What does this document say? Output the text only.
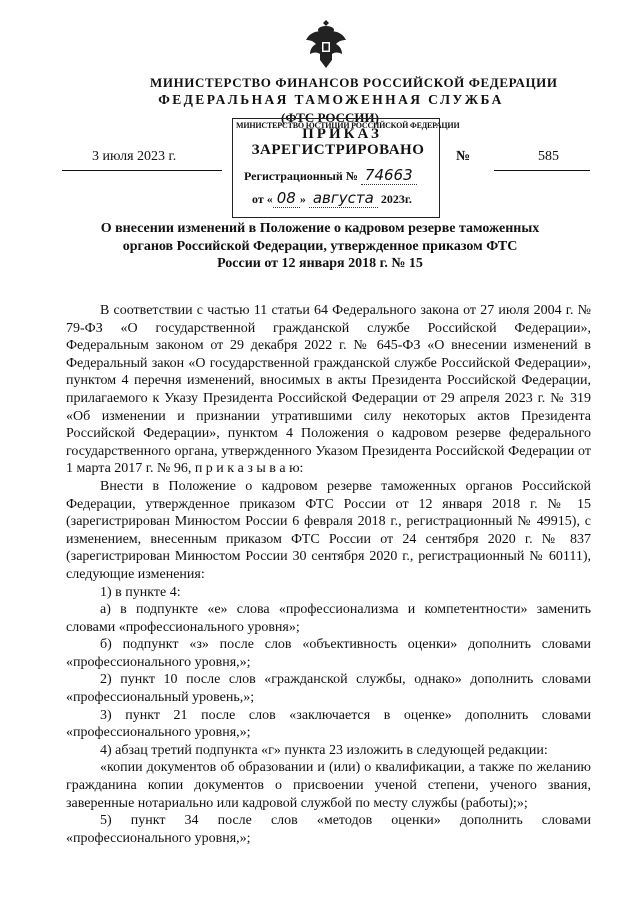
МИНИСТЕРСТВО ФИНАНСОВ РОССИЙСКОЙ ФЕДЕРАЦИИ
ФЕДЕРАЛЬНАЯ ТАМОЖЕННАЯ СЛУЖБА
(ФТС РОССИИ)
МИНИСТЕРСТВО ЮСТИЦИИ РОССИЙСКОЙ ФЕДЕРАЦИИ
ПРИКАЗ
ЗАРЕГИСТРИРОВАНО
Регистрационный № 74663
от « 08 » августа 2023г.
3 июля 2023 г.	№	585
О внесении изменений в Положение о кадровом резерве таможенных органов Российской Федерации, утвержденное приказом ФТС России от 12 января 2018 г. № 15

В соответствии с частью 11 статьи 64 Федерального закона от 27 июля 2004 г. № 79-ФЗ «О государственной гражданской службе Российской Федерации», Федеральным законом от 29 декабря 2022 г. № 645-ФЗ «О внесении изменений в Федеральный закон «О государственной гражданской службе Российской Федерации», пунктом 4 перечня изменений, вносимых в акты Президента Российской Федерации, прилагаемого к Указу Президента Российской Федерации от 29 апреля 2023 г. № 319 «Об изменении и признании утратившими силу некоторых актов Президента Российской Федерации», пунктом 4 Положения о кадровом резерве федерального государственного органа, утвержденного Указом Президента Российской Федерации от 1 марта 2017 г. № 96, п р и к а з ы в а ю:

Внести в Положение о кадровом резерве таможенных органов Российской Федерации, утвержденное приказом ФТС России от 12 января 2018 г. № 15 (зарегистрирован Минюстом России 6 февраля 2018 г., регистрационный № 49915), с изменением, внесенным приказом ФТС России от 24 сентября 2020 г. № 837 (зарегистрирован Минюстом России 30 сентября 2020 г., регистрационный № 60111), следующие изменения:

1) в пункте 4:

а) в подпункте «е» слова «профессионализма и компетентности» заменить словами «профессионального уровня»;

б) подпункт «з» после слов «объективность оценки» дополнить словами «профессионального уровня,»;

2) пункт 10 после слов «гражданской службы, однако» дополнить словами «профессиональный уровень,»;

3) пункт 21 после слов «заключается в оценке» дополнить словами «профессионального уровня,»;

4) абзац третий подпункта «г» пункта 23 изложить в следующей редакции:

«копии документов об образовании и (или) о квалификации, а также по желанию гражданина копии документов о присвоении ученой степени, ученого звания, заверенные нотариально или кадровой службой по месту службы (работы);»;

5) пункт 34 после слов «методов оценки» дополнить словами «профессионального уровня,»;
